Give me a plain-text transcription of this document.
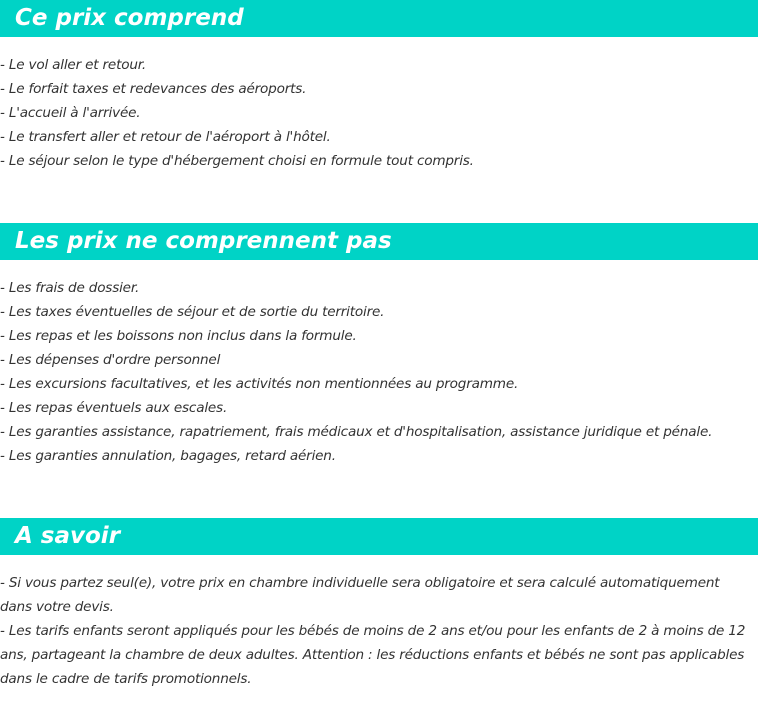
Ce prix comprend
- Le vol aller et retour.
- Le forfait taxes et redevances des aéroports.
- L'accueil à l'arrivée.
- Le transfert aller et retour de l'aéroport à l'hôtel.
- Le séjour selon le type d'hébergement choisi en formule tout compris.
Les prix ne comprennent pas
- Les frais de dossier.
- Les taxes éventuelles de séjour et de sortie du territoire.
- Les repas et les boissons non inclus dans la formule.
- Les dépenses d'ordre personnel
- Les excursions facultatives, et les activités non mentionnées au programme.
- Les repas éventuels aux escales.
- Les garanties assistance, rapatriement, frais médicaux et d'hospitalisation, assistance juridique et pénale.
- Les garanties annulation, bagages, retard aérien.
A savoir

- Si vous partez seul(e), votre prix en chambre individuelle sera obligatoire et sera calculé automatiquement dans votre devis.

- Les tarifs enfants seront appliqués pour les bébés de moins de 2 ans et/ou pour les enfants de 2 à moins de 12 ans, partageant la chambre de deux adultes. Attention : les réductions enfants et bébés ne sont pas applicables dans le cadre de tarifs promotionnels.
